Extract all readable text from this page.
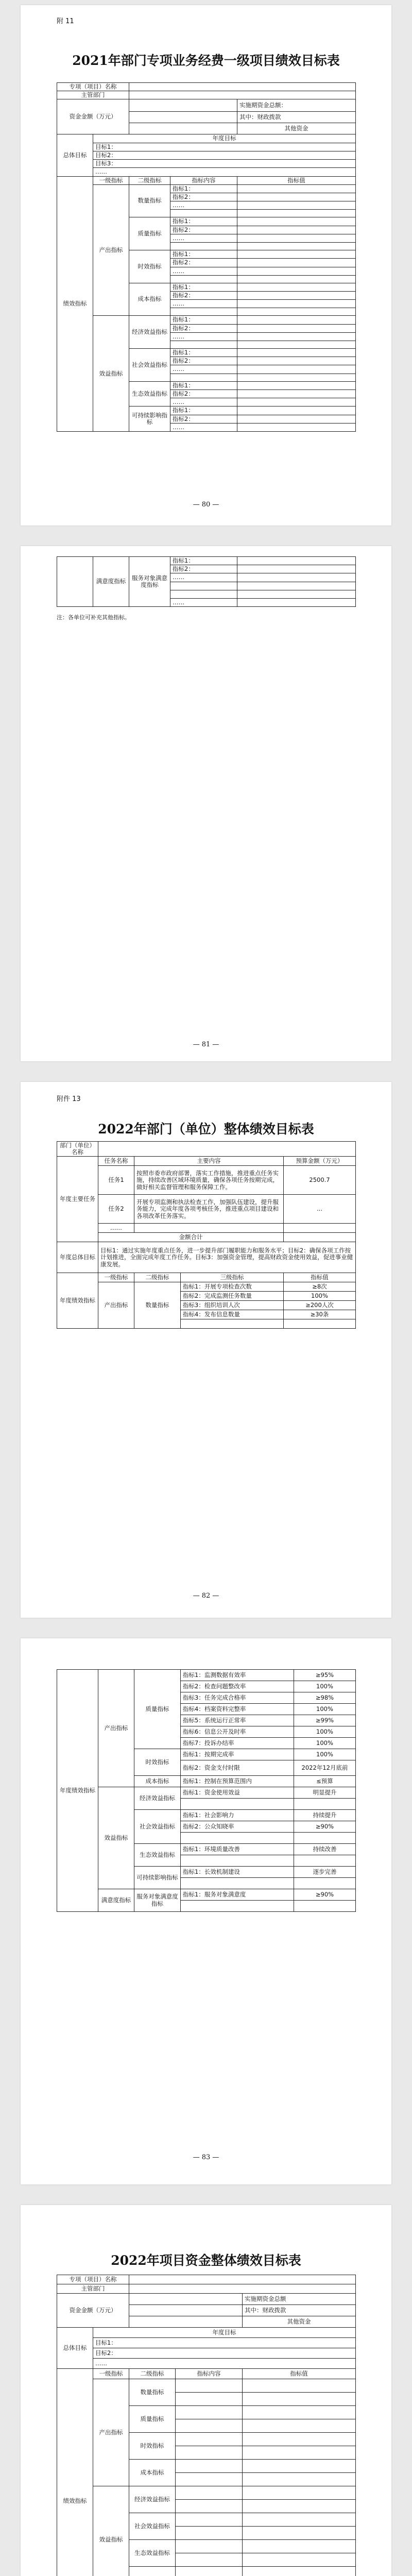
附 11
2021年部门专项业务经费一级项目绩效目标表
专项（项目）名称				
主管部门				
资金金额（万元）				实施期资金总额：
				其中：财政拨款
				其他资金
总体目标	年度目标			
	目标1：			
	目标2：			
	目标3：			
	……			
绩效指标	一级指标	二级指标	指标内容	指标值
	产出指标	数量指标	指标1：	
			指标2：	
			……	

		质量指标	指标1：	
			指标2：	
			……	

		时效指标	指标1：	
			指标2：	
			……	

		成本指标	指标1：	
			指标2：	
			……	

	效益指标	经济效益指标	指标1：	
			指标2：	
			……	

		社会效益指标	指标1：	
			指标2：	
			……	

		生态效益指标	指标1：	
			指标2：	
			……	
		可持续影响指标	指标1：	
			指标2：	
			……	
— 80 —
	满意度指标	服务对象满意度指标	指标1：	
			指标2：	
			……	

			……	
注：各单位可补充其他指标。
— 81 —
附件 13
2022年部门（单位）整体绩效目标表
部门（单位）名称				
年度主要任务	任务名称	主要内容		预算金额（万元）
	任务1	按照市委市政府部署，落实工作措施，推进重点任务实施，持续改善区域环境质量，确保各项任务按期完成，做好相关监督管理和服务保障工作。		2500.7
	任务2	开展专项监测和执法检查工作，加强队伍建设，提升服务能力，完成年度各项考核任务，推进重点项目建设和各项改革任务落实。		...
	……			
	金额合计			
年度总体目标	目标1：通过实施年度重点任务，进一步提升部门履职能力和服务水平；目标2：确保各项工作按计划推进，全面完成年度工作任务。目标3：加强资金管理，提高财政资金使用效益，促进事业健康发展。			
年度绩效指标	一级指标	二级指标	三级指标	指标值
	产出指标	数量指标	指标1：开展专项检查次数	≥8次
			指标2：完成监测任务数量	100%
			指标3：组织培训人次	≥200人次
			指标4：发布信息数量	≥30条

— 82 —
年度绩效指标	产出指标	质量指标	指标1：监测数据有效率	≥95%
			指标2：检查问题整改率	100%
			指标3：任务完成合格率	≥98%
			指标4：档案资料完整率	100%
			指标5：系统运行正常率	≥99%
			指标6：信息公开及时率	100%
			指标7：投诉办结率	100%
		时效指标	指标1：按期完成率	100%
			指标2：资金支付时限	2022年12月底前
		成本指标	指标1：控制在预算范围内	≤预算
	效益指标	经济效益指标	指标1：资金使用效益	明显提升

		社会效益指标	指标1：社会影响力	持续提升
			指标2：公众知晓率	≥90%

		生态效益指标	指标1：环境质量改善	持续改善

		可持续影响指标	指标1：长效机制建设	逐步完善

	满意度指标	服务对象满意度指标	指标1：服务对象满意度	≥90%

— 83 —
2022年项目资金整体绩效目标表
专项（项目）名称				
主管部门				
资金金额（万元）				实施期资金总额
				其中：财政拨款
				其他资金
总体目标	年度目标			
	目标1：			
	目标2：			
	……			
绩效指标	一级指标	二级指标	指标内容	指标值
	产出指标	数量指标		

		质量指标		

		时效指标		

		成本指标		

	效益指标	经济效益指标		

		社会效益指标		

		生态效益指标		
